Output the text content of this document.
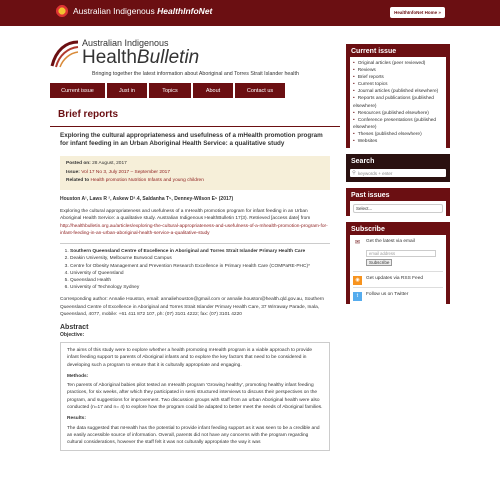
Australian Indigenous HealthInfoNet	HealthInfoNet Home »
Australian Indigenous
HealthBulletin
Bringing together the latest information about Aboriginal and Torres Strait Islander health
Current issue	Just in	Topics	About	Contact us
Brief reports
Exploring the cultural appropriateness and usefulness of a mHealth promotion program for infant feeding in an Urban Aboriginal Health Service: a qualitative study
Posted on: 28 August, 2017
Issue: Vol 17 No 3, July 2017 – September 2017
Related to Health promotion Nutrition Infants and young children
Houston A¹, Laws R ², Askew D³˒4, Saldanha T⁵, Denney-Wilson E⁵ (2017)
Exploring the cultural appropriateness and usefulness of a mHealth promotion program for infant feeding in an Urban Aboriginal Health Service: a qualitative study. Australian Indigenous HealthBulletin 17(3). Retrieved [access date] from http://healthbulletin.org.au/articles/exploring-the-cultural-appropriateness-and-usefulness-of-a-mhealth-promotion-program-for-infant-feeding-in-an-urban-aboriginal-health-service-a-qualitative-study
1. Southern Queensland Centre of Excellence in Aboriginal and Torres Strait Islander Primary Health Care
2. Deakin University, Melbourne Burwood Campus
3. Centre for Obesity Management and Prevention Research Excellence in Primary Health Care (COMPaRE-PHC)*
4. University of Queensland
5. Queensland Health
6. University of Technology Sydney
Corresponding author: Annalie Houston, email: annaliehouston@gmail.com or annalie.houston@health.qld.gov.au, Southern Queensland Centre of Excellence in Aboriginal and Torres Strait Islander Primary Health Care, 37 Wirraway Parade, Inala, Queensland, 4077, mobile: +61 411 872 107, ph: (07) 3101 4222; fax: (07) 3101 4220
Abstract
Objective:
The aims of this study were to explore whether a health promoting mHealth program is a viable approach to provide infant feeding support to parents of Aboriginal infants and to explore the key factors that need to be considered in developing such a program to ensure that it is culturally appropriate and engaging.
Methods:
Ten parents of Aboriginal babies pilot tested an mHealth program 'Growing healthy', promoting healthy infant feeding practices, for six weeks, after which they participated in semi structured interviews to discuss their perspectives on the program, and suggestions for improvement. Two discussion groups with staff from an urban Aboriginal health were also conducted (n=17 and n= 4) to explore how the program could be adapted to better meet the needs of Aboriginal families.
Results:
The data suggested that mHealth has the potential to provide infant feeding support as it was seen to be a credible and an easily accessible source of information. Overall, parents did not have any concerns with the program regarding cultural considerations, however the staff felt it was not culturally appropriate the way it was
Current issue
• Original articles (peer reviewed)
• Reviews
• Brief reports
• Current topics
• Journal articles (published elsewhere)
• Reports and publications (published elsewhere)
• Resources (published elsewhere)
• Conference presentations (published elsewhere)
• Theses (published elsewhere)
• Websites
Search
⚲ keywords + enter
Past issues
Select...
Subscribe
✉	Get the latest via email
email address
Subscribe
◉	Get updates via RSS Feed
t	Follow us on Twitter
